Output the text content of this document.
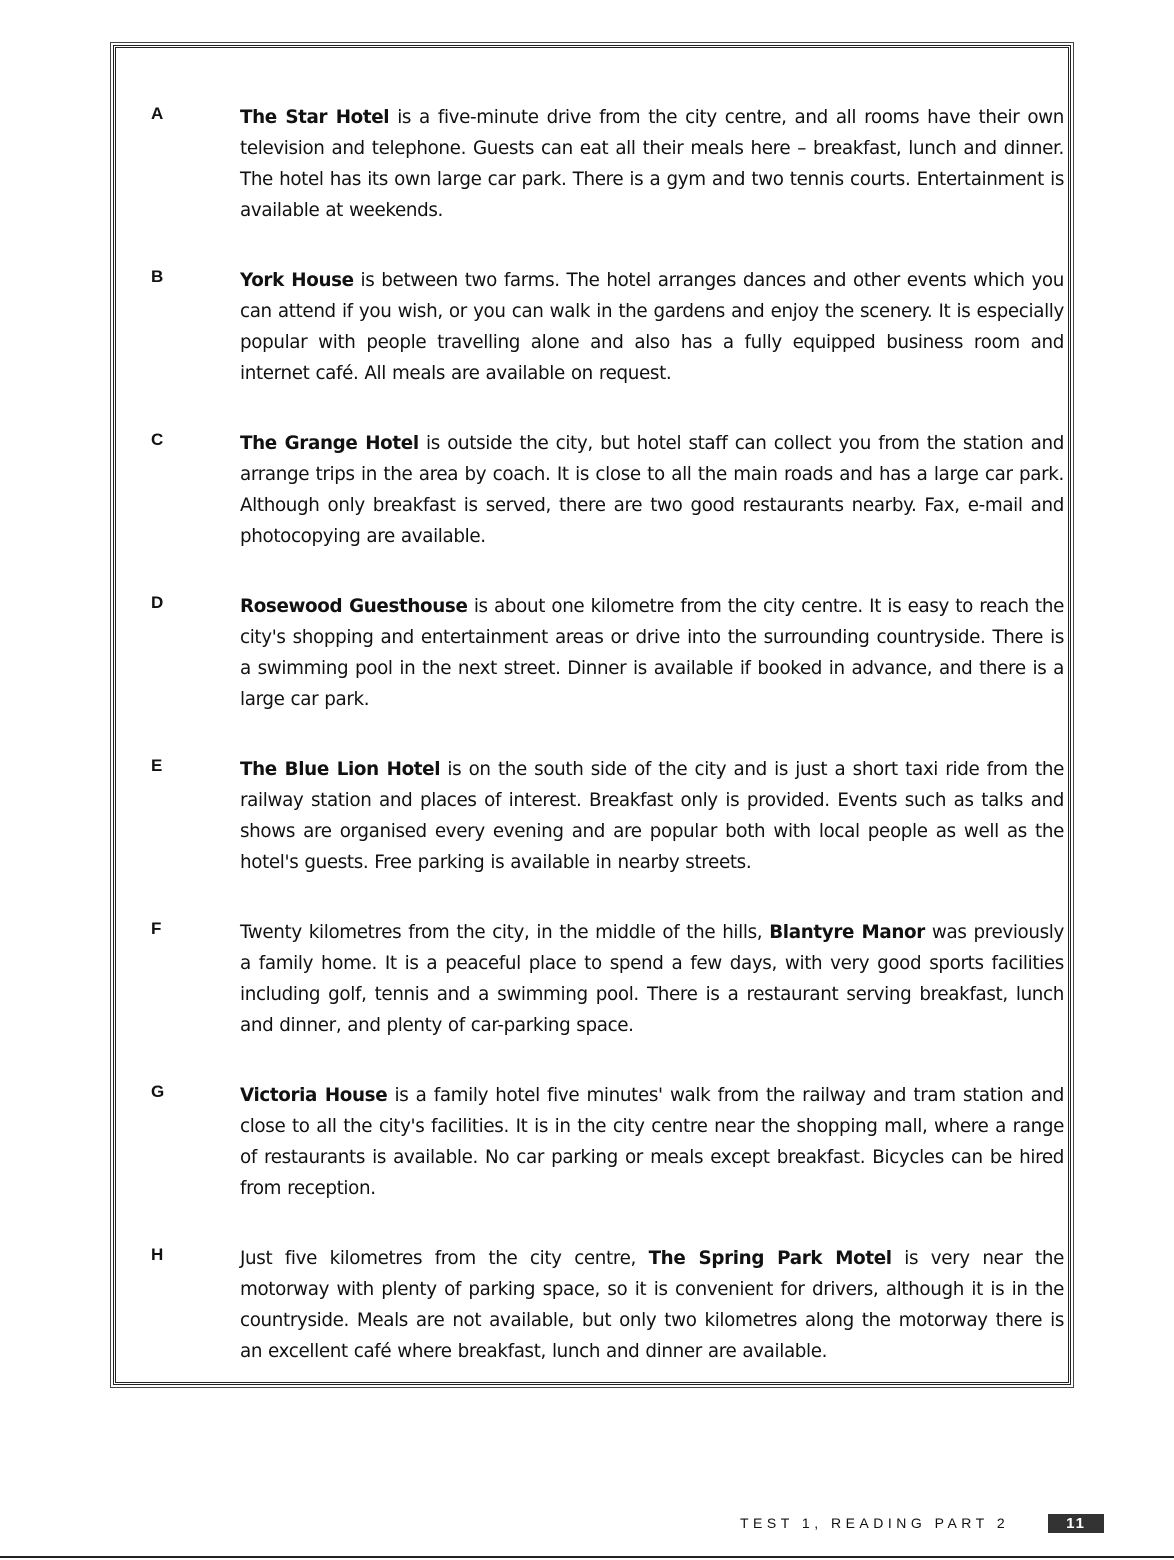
A	The Star Hotel is a five-minute drive from the city centre, and all rooms have their own television and telephone. Guests can eat all their meals here – breakfast, lunch and dinner. The hotel has its own large car park. There is a gym and two tennis courts. Entertainment is available at weekends.
B	York House is between two farms. The hotel arranges dances and other events which you can attend if you wish, or you can walk in the gardens and enjoy the scenery. It is especially popular with people travelling alone and also has a fully equipped business room and internet café. All meals are available on request.
C	The Grange Hotel is outside the city, but hotel staff can collect you from the station and arrange trips in the area by coach. It is close to all the main roads and has a large car park. Although only breakfast is served, there are two good restaurants nearby. Fax, e-mail and photocopying are available.
D	Rosewood Guesthouse is about one kilometre from the city centre. It is easy to reach the city's shopping and entertainment areas or drive into the surrounding countryside. There is a swimming pool in the next street. Dinner is available if booked in advance, and there is a large car park.
E	The Blue Lion Hotel is on the south side of the city and is just a short taxi ride from the railway station and places of interest. Breakfast only is provided. Events such as talks and shows are organised every evening and are popular both with local people as well as the hotel's guests. Free parking is available in nearby streets.
F	Twenty kilometres from the city, in the middle of the hills, Blantyre Manor was previously a family home. It is a peaceful place to spend a few days, with very good sports facilities including golf, tennis and a swimming pool. There is a restaurant serving breakfast, lunch and dinner, and plenty of car-parking space.
G	Victoria House is a family hotel five minutes' walk from the railway and tram station and close to all the city's facilities. It is in the city centre near the shopping mall, where a range of restaurants is available. No car parking or meals except breakfast. Bicycles can be hired from reception.
H	Just five kilometres from the city centre, The Spring Park Motel is very near the motorway with plenty of parking space, so it is convenient for drivers, although it is in the countryside. Meals are not available, but only two kilometres along the motorway there is an excellent café where breakfast, lunch and dinner are available.
TEST 1, READING PART 2	11
